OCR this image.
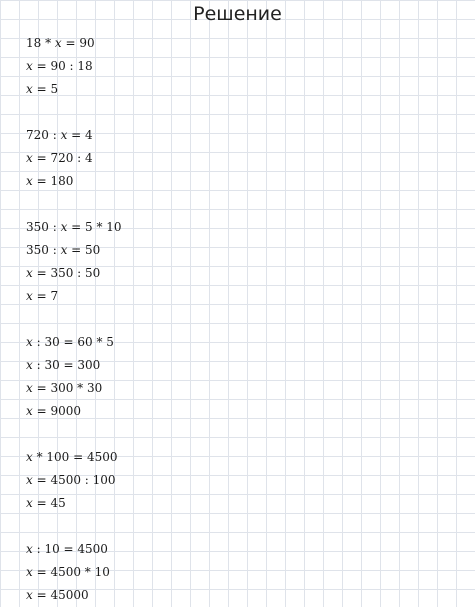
Решение
18 * 𝑥 = 90
𝑥 = 90 : 18
𝑥 = 5
720 : 𝑥 = 4
𝑥 = 720 : 4
𝑥 = 180
350 : 𝑥 = 5 * 10
350 : 𝑥 = 50
𝑥 = 350 : 50
𝑥 = 7
𝑥 : 30 = 60 * 5
𝑥 : 30 = 300
𝑥 = 300 * 30
𝑥 = 9000
𝑥 * 100 = 4500
𝑥 = 4500 : 100
𝑥 = 45
𝑥 : 10 = 4500
𝑥 = 4500 * 10
𝑥 = 45000
